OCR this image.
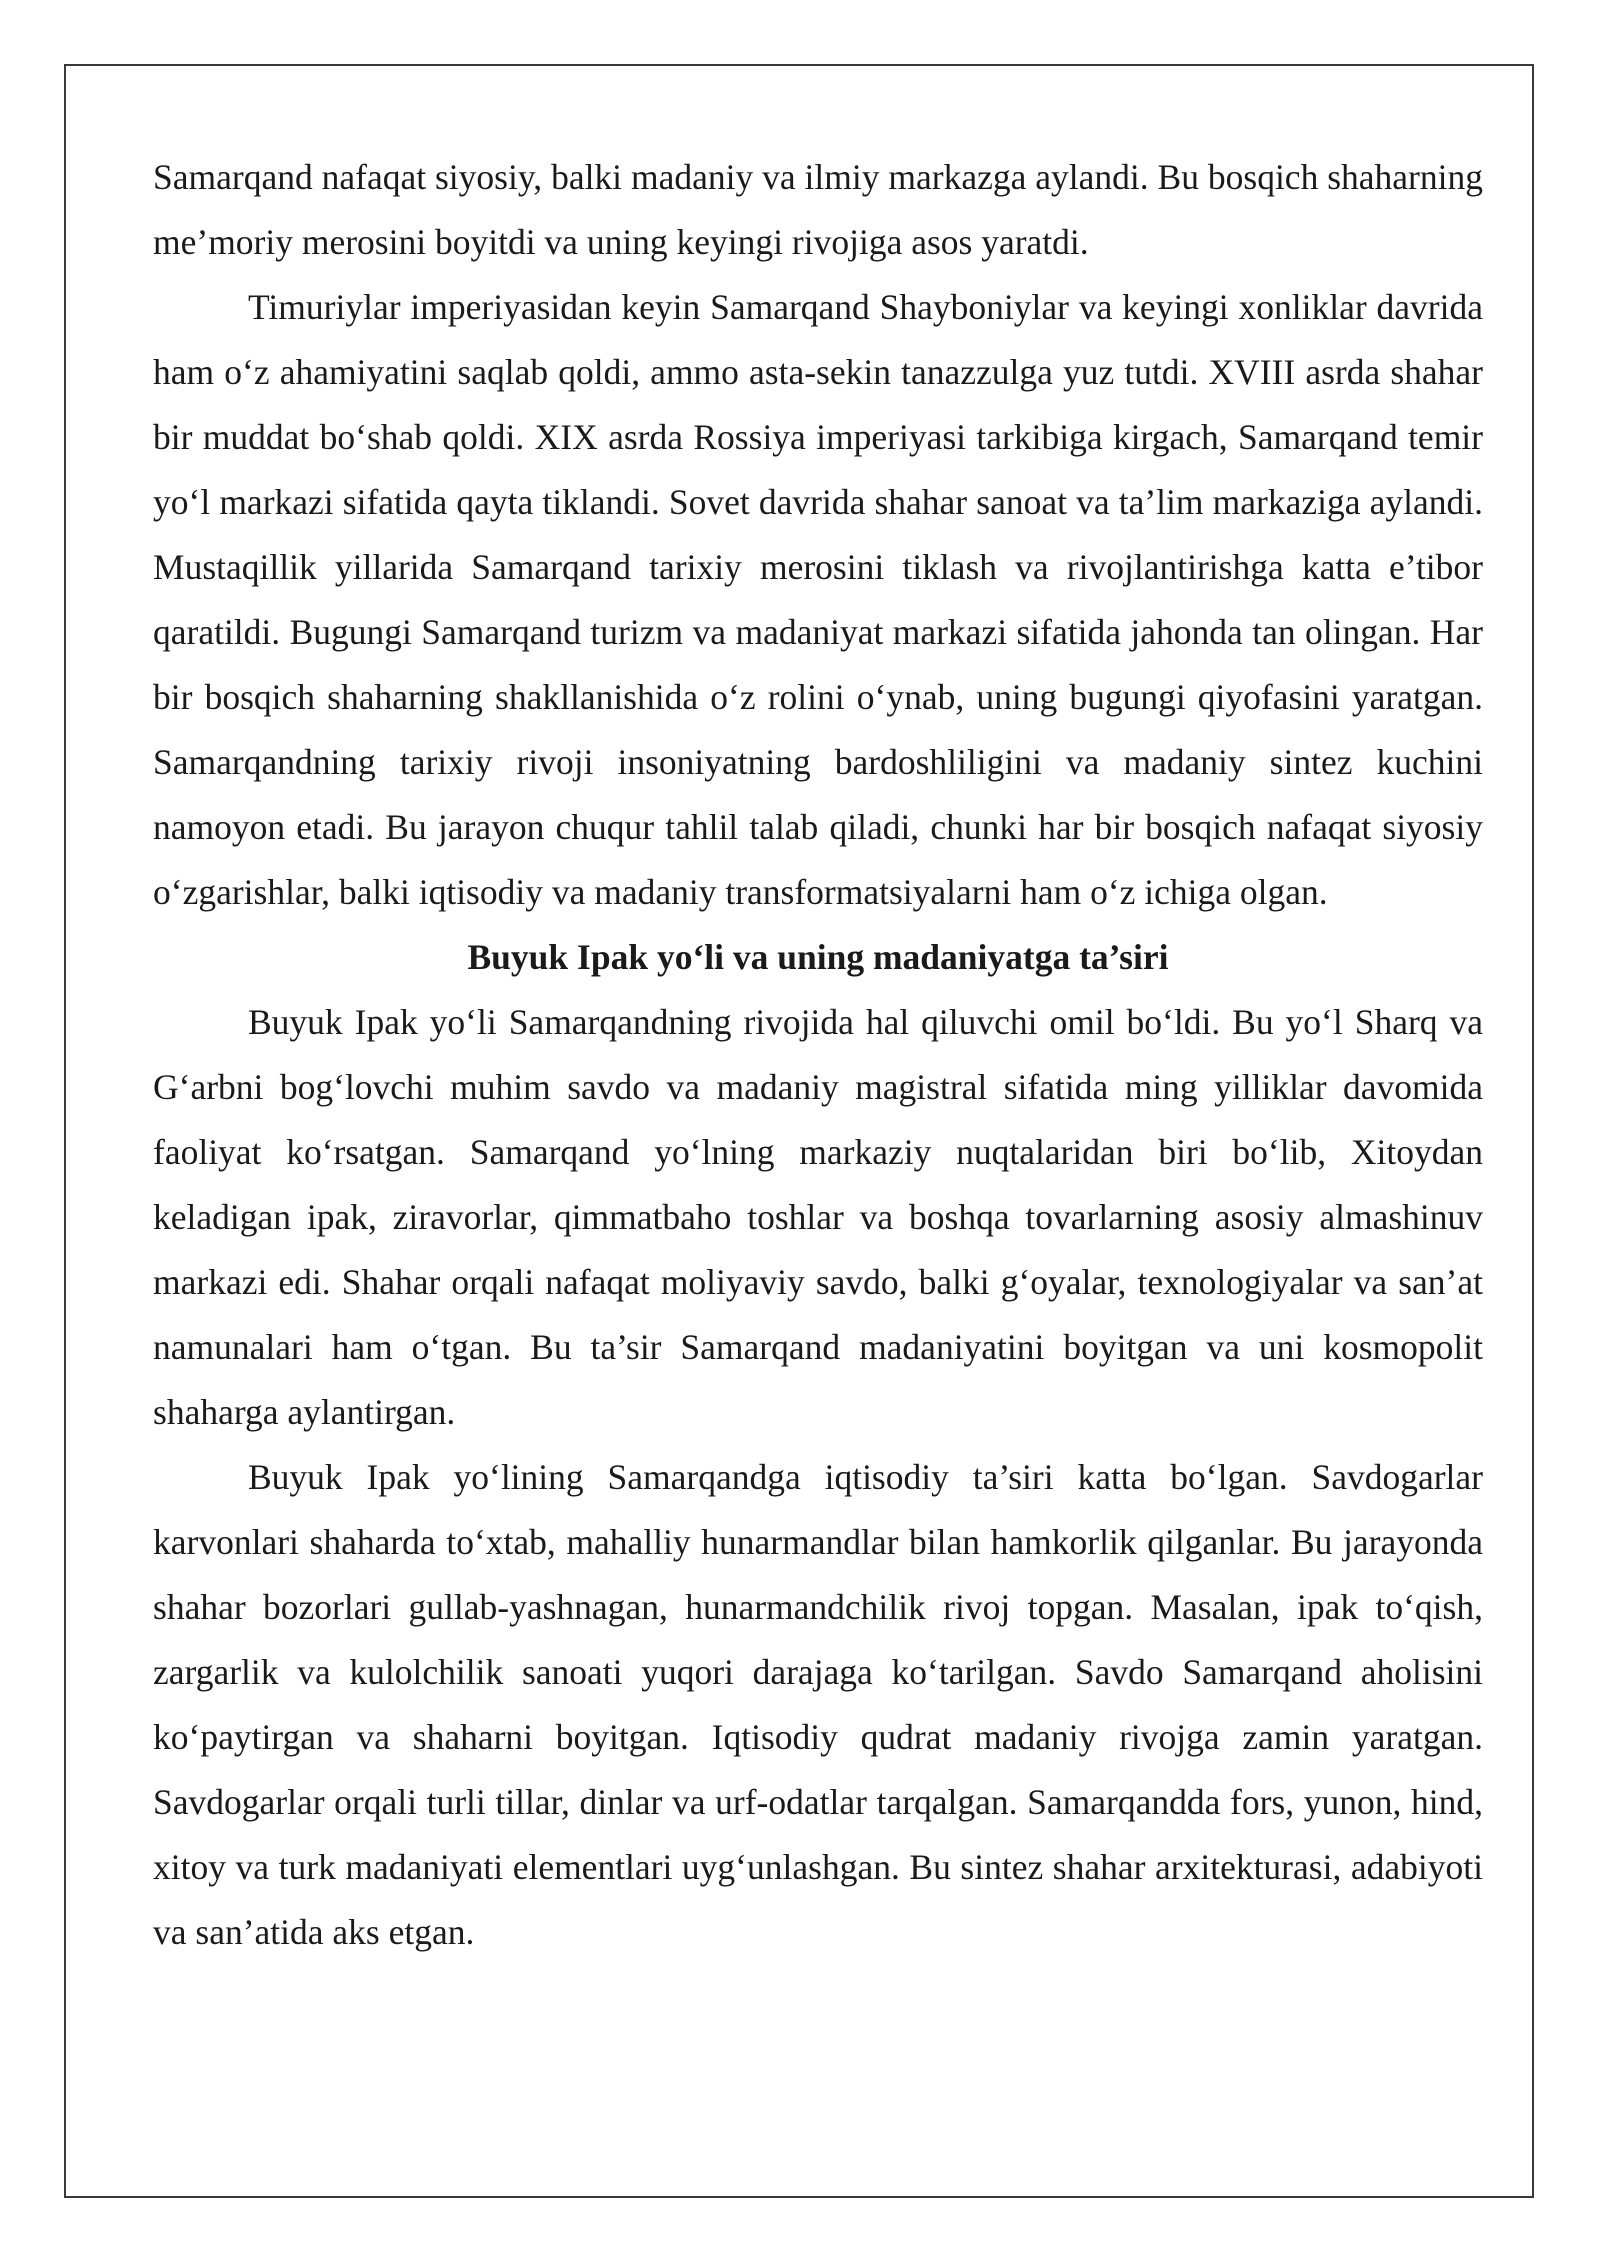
Samarqand nafaqat siyosiy, balki madaniy va ilmiy markazga aylandi. Bu bosqich shaharning me’moriy merosini boyitdi va uning keyingi rivojiga asos yaratdi.

Timuriylar imperiyasidan keyin Samarqand Shayboniylar va keyingi xonliklar davrida ham o‘z ahamiyatini saqlab qoldi, ammo asta-sekin tanazzulga yuz tutdi. XVIII asrda shahar bir muddat bo‘shab qoldi. XIX asrda Rossiya imperiyasi tarkibiga kirgach, Samarqand temir yo‘l markazi sifatida qayta tiklandi. Sovet davrida shahar sanoat va ta’lim markaziga aylandi. Mustaqillik yillarida Samarqand tarixiy merosini tiklash va rivojlantirishga katta e’tibor qaratildi. Bugungi Samarqand turizm va madaniyat markazi sifatida jahonda tan olingan. Har bir bosqich shaharning shakllanishida o‘z rolini o‘ynab, uning bugungi qiyofasini yaratgan. Samarqandning tarixiy rivoji insoniyatning bardoshliligini va madaniy sintez kuchini namoyon etadi. Bu jarayon chuqur tahlil talab qiladi, chunki har bir bosqich nafaqat siyosiy o‘zgarishlar, balki iqtisodiy va madaniy transformatsiyalarni ham o‘z ichiga olgan.

Buyuk Ipak yo‘li va uning madaniyatga ta’siri

Buyuk Ipak yo‘li Samarqandning rivojida hal qiluvchi omil bo‘ldi. Bu yo‘l Sharq va G‘arbni bog‘lovchi muhim savdo va madaniy magistral sifatida ming yilliklar davomida faoliyat ko‘rsatgan. Samarqand yo‘lning markaziy nuqtalaridan biri bo‘lib, Xitoydan keladigan ipak, ziravorlar, qimmatbaho toshlar va boshqa tovarlarning asosiy almashinuv markazi edi. Shahar orqali nafaqat moliyaviy savdo, balki g‘oyalar, texnologiyalar va san’at namunalari ham o‘tgan. Bu ta’sir Samarqand madaniyatini boyitgan va uni kosmopolit shaharga aylantirgan.

Buyuk Ipak yo‘lining Samarqandga iqtisodiy ta’siri katta bo‘lgan. Savdogarlar karvonlari shaharda to‘xtab, mahalliy hunarmandlar bilan hamkorlik qilganlar. Bu jarayonda shahar bozorlari gullab-yashnagan, hunarmandchilik rivoj topgan. Masalan, ipak to‘qish, zargarlik va kulolchilik sanoati yuqori darajaga ko‘tarilgan. Savdo Samarqand aholisini ko‘paytirgan va shaharni boyitgan. Iqtisodiy qudrat madaniy rivojga zamin yaratgan. Savdogarlar orqali turli tillar, dinlar va urf-odatlar tarqalgan. Samarqandda fors, yunon, hind, xitoy va turk madaniyati elementlari uyg‘unlashgan. Bu sintez shahar arxitekturasi, adabiyoti va san’atida aks etgan.
